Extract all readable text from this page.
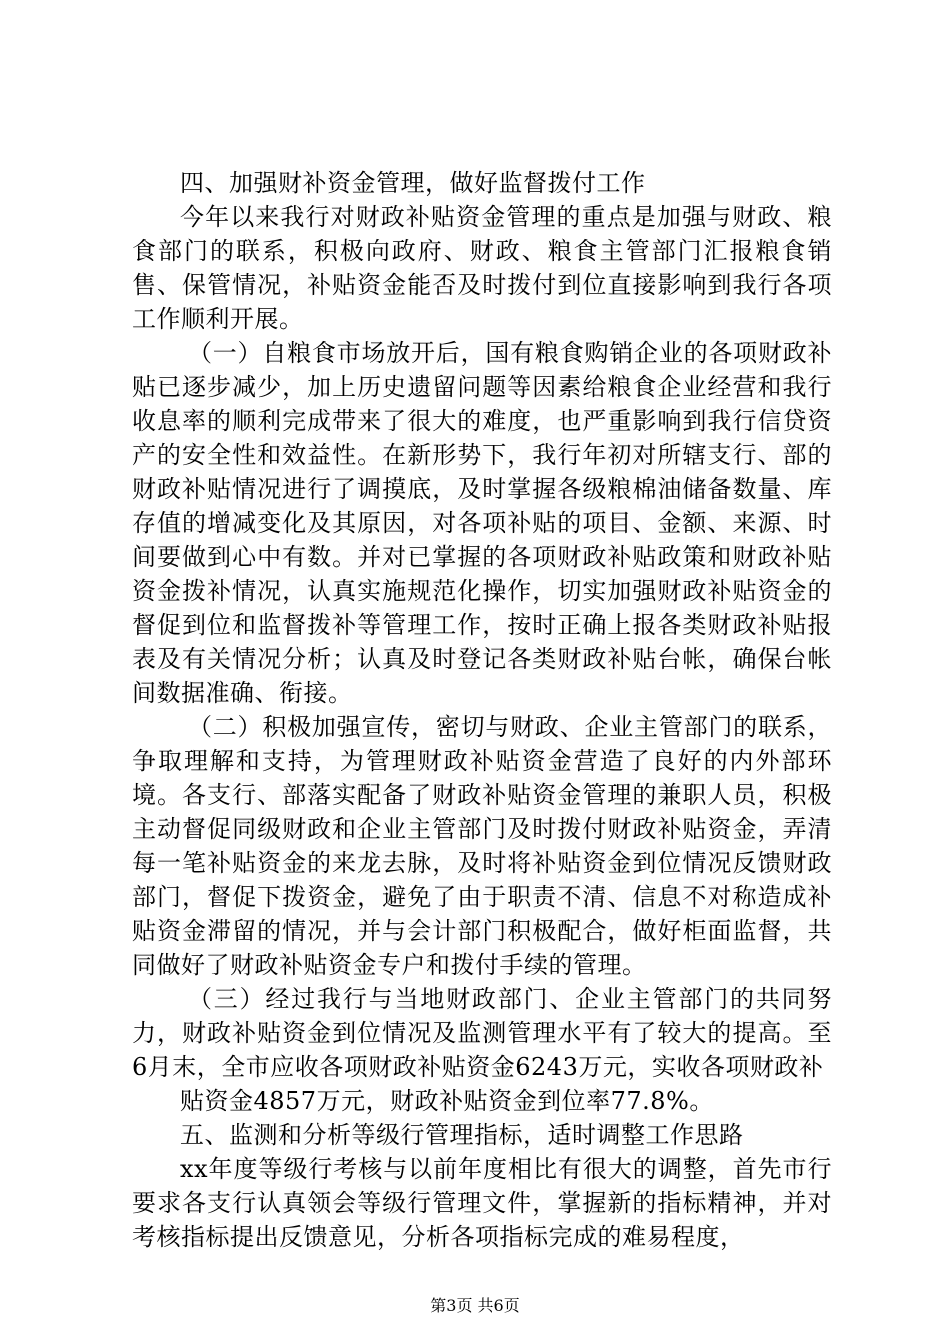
四、加强财补资金管理，做好监督拨付工作

今年以来我行对财政补贴资金管理的重点是加强与财政、粮食部门的联系，积极向政府、财政、粮食主管部门汇报粮食销售、保管情况，补贴资金能否及时拨付到位直接影响到我行各项工作顺利开展。

（一）自粮食市场放开后，国有粮食购销企业的各项财政补贴已逐步减少，加上历史遗留问题等因素给粮食企业经营和我行收息率的顺利完成带来了很大的难度，也严重影响到我行信贷资产的安全性和效益性。在新形势下，我行年初对所辖支行、部的财政补贴情况进行了调摸底，及时掌握各级粮棉油储备数量、库存值的增减变化及其原因，对各项补贴的项目、金额、来源、时间要做到心中有数。并对已掌握的各项财政补贴政策和财政补贴资金拨补情况，认真实施规范化操作，切实加强财政补贴资金的督促到位和监督拨补等管理工作，按时正确上报各类财政补贴报表及有关情况分析；认真及时登记各类财政补贴台帐，确保台帐间数据准确、衔接。

（二）积极加强宣传，密切与财政、企业主管部门的联系，争取理解和支持，为管理财政补贴资金营造了良好的内外部环境。各支行、部落实配备了财政补贴资金管理的兼职人员，积极主动督促同级财政和企业主管部门及时拨付财政补贴资金，弄清每一笔补贴资金的来龙去脉，及时将补贴资金到位情况反馈财政部门，督促下拨资金，避免了由于职责不清、信息不对称造成补贴资金滞留的情况，并与会计部门积极配合，做好柜面监督，共同做好了财政补贴资金专户和拨付手续的管理。

（三）经过我行与当地财政部门、企业主管部门的共同努力，财政补贴资金到位情况及监测管理水平有了较大的提高。至6月末，全市应收各项财政补贴资金6243万元，实收各项财政补

贴资金4857万元，财政补贴资金到位率77.8%。

五、监测和分析等级行管理指标，适时调整工作思路

xx年度等级行考核与以前年度相比有很大的调整，首先市行要求各支行认真领会等级行管理文件，掌握新的指标精神，并对考核指标提出反馈意见，分析各项指标完成的难易程度，

第3页 共6页
